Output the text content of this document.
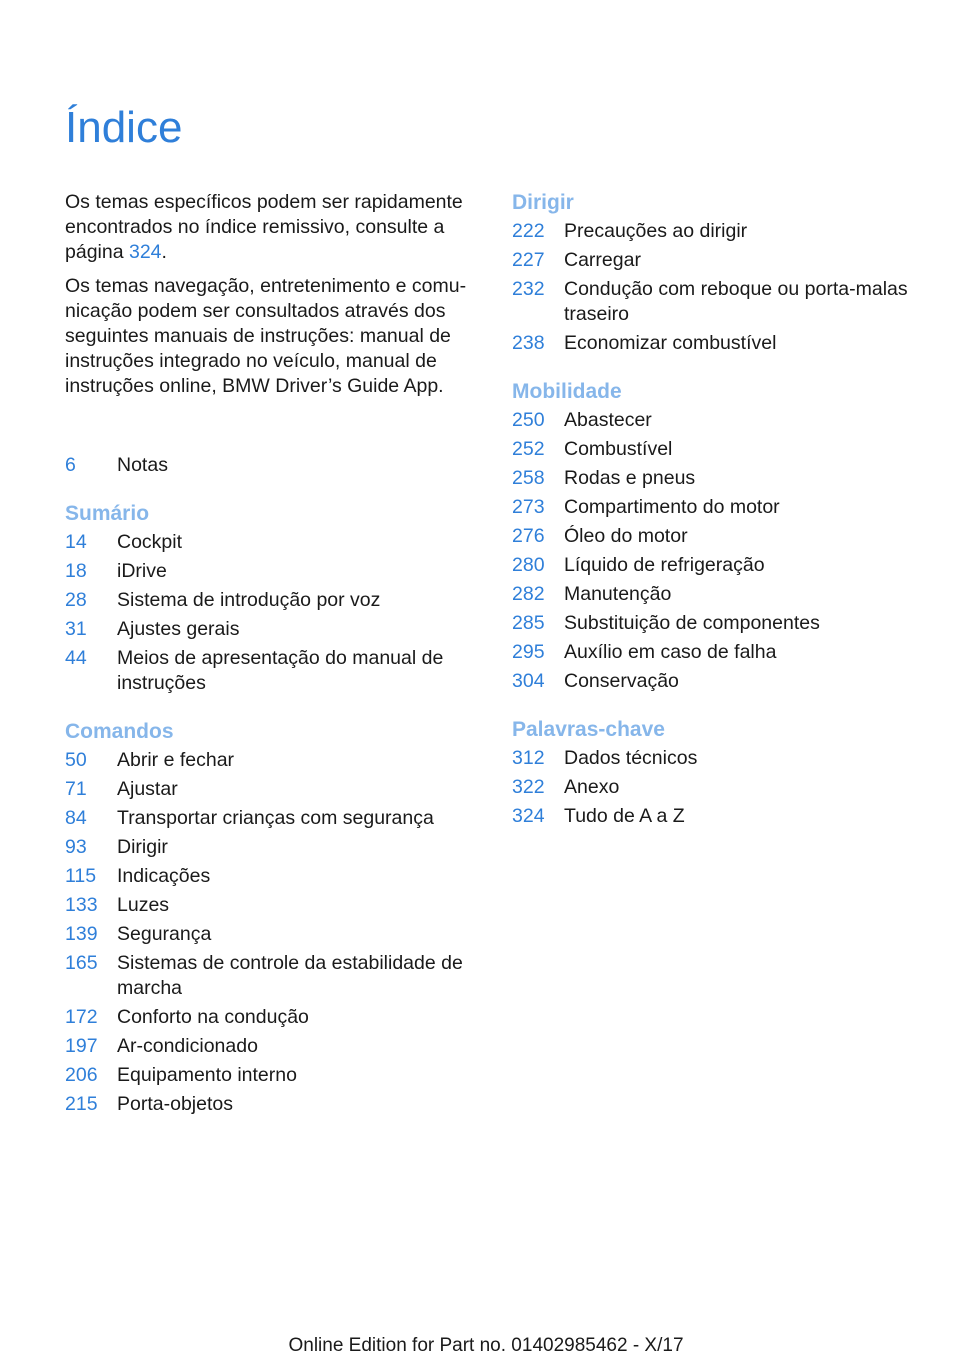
Índice

Os temas específicos podem ser rapidamente encontrados no índice remissivo, consulte a página 324.

Os temas navegação, entretenimento e comunicação podem ser consultados através dos seguintes manuais de instruções: manual de instruções integrado no veículo, manual de instruções online, BMW Driver’s Guide App.

6	Notas
Sumário
14	Cockpit
18	iDrive
28	Sistema de introdução por voz
31	Ajustes gerais
44	Meios de apresentação do manual de instruções
Comandos
50	Abrir e fechar
71	Ajustar
84	Transportar crianças com segurança
93	Dirigir
115	Indicações
133 Luzes
139 Segurança
165 Sistemas de controle da estabilidade de marcha
172 Conforto na condução
197 Ar-condicionado
206 Equipamento interno
215 Porta-objetos
Dirigir
222 Precauções ao dirigir
227 Carregar
232 Condução com reboque ou porta-malas traseiro
238 Economizar combustível
Mobilidade
250 Abastecer
252 Combustível
258 Rodas e pneus
273 Compartimento do motor
276 Óleo do motor
280 Líquido de refrigeração
282 Manutenção
285 Substituição de componentes
295 Auxílio em caso de falha
304 Conservação
Palavras-chave
312 Dados técnicos
322 Anexo
324 Tudo de A a Z
Online Edition for Part no. 01402985462 - X/17
